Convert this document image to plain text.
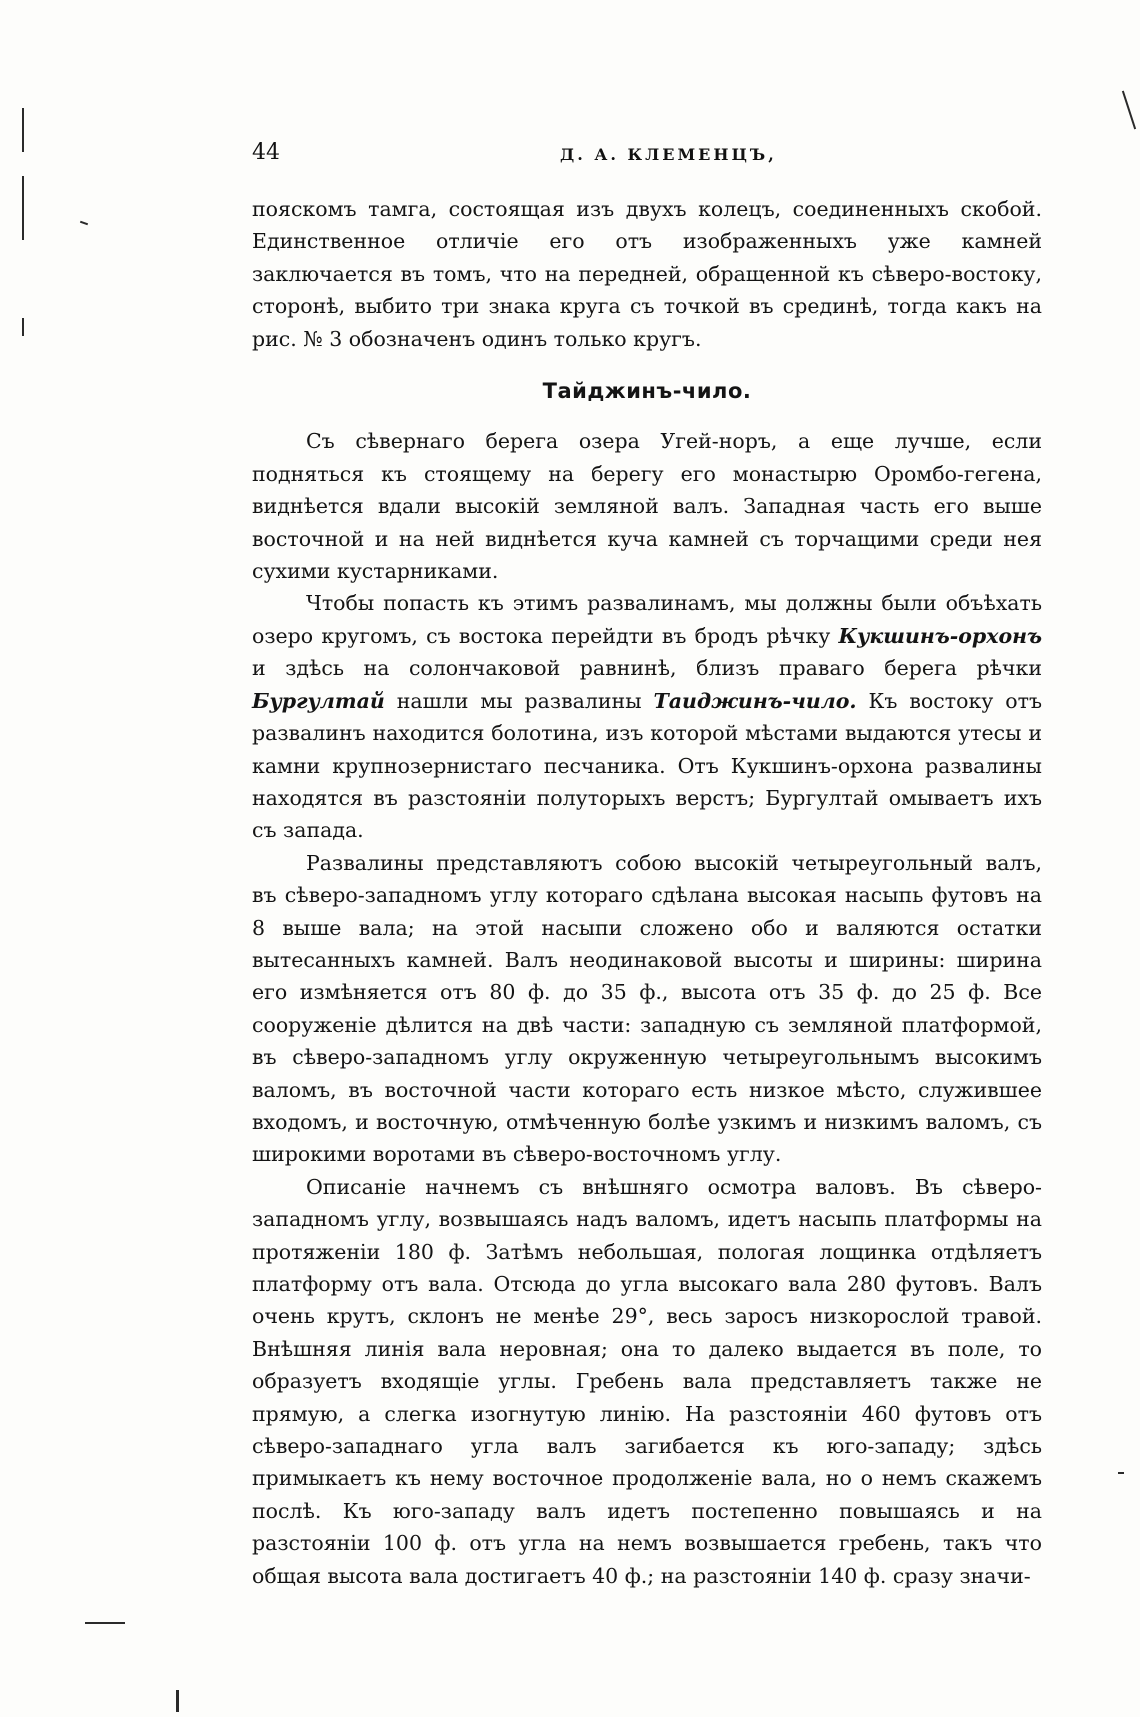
44	Д. А. КЛЕМЕНЦЪ,

пояскомъ тамга, состоящая изъ двухъ колецъ, соединенныхъ скобой. Единственное отличіе его отъ изображенныхъ уже камней заключается въ томъ, что на передней, обращенной къ сѣверо-востоку, сторонѣ, выбито три знака круга съ точкой въ срединѣ, тогда какъ на рис. № 3 обозначенъ одинъ только кругъ.

Тайджинъ-чило.

Съ сѣвернаго берега озера Угей-норъ, а еще лучше, если подняться къ стоящему на берегу его монастырю Оромбо-гегена, виднѣется вдали высокій земляной валъ. Западная часть его выше восточной и на ней виднѣется куча камней съ торчащими среди нея сухими кустарниками.

Чтобы попасть къ этимъ развалинамъ, мы должны были объѣхать озеро кругомъ, съ востока перейдти въ бродъ рѣчку Кукшинъ-орхонъ и здѣсь на солончаковой равнинѣ, близъ праваго берега рѣчки Бургултай нашли мы развалины Таиджинъ-чило. Къ востоку отъ развалинъ находится болотина, изъ которой мѣстами выдаются утесы и камни крупнозернистаго песчаника. Отъ Кукшинъ-орхона развалины находятся въ разстояніи полуторыхъ верстъ; Бургултай омываетъ ихъ съ запада.

Развалины представляютъ собою высокій четыреугольный валъ, въ сѣверо-западномъ углу котораго сдѣлана высокая насыпь футовъ на 8 выше вала; на этой насыпи сложено обо и валяются остатки вытесанныхъ камней. Валъ неодинаковой высоты и ширины: ширина его измѣняется отъ 80 ф. до 35 ф., высота отъ 35 ф. до 25 ф. Все сооруженіе дѣлится на двѣ части: западную съ земляной платформой, въ сѣверо-западномъ углу окруженную четыреугольнымъ высокимъ валомъ, въ восточной части котораго есть низкое мѣсто, служившее входомъ, и восточную, отмѣченную болѣе узкимъ и низкимъ валомъ, съ широкими воротами въ сѣверо-восточномъ углу.

Описаніе начнемъ съ внѣшняго осмотра валовъ. Въ сѣверо-западномъ углу, возвышаясь надъ валомъ, идетъ насыпь платформы на протяженіи 180 ф. Затѣмъ небольшая, пологая лощинка отдѣляетъ платформу отъ вала. Отсюда до угла высокаго вала 280 футовъ. Валъ очень крутъ, склонъ не менѣе 29°, весь заросъ низкорослой травой. Внѣшняя линія вала неровная; она то далеко выдается въ поле, то образуетъ входящіе углы. Гребень вала представляетъ также не прямую, а слегка изогнутую линію. На разстояніи 460 футовъ отъ сѣверо-западнаго угла валъ загибается къ юго-западу; здѣсь примыкаетъ къ нему восточное продолженіе вала, но о немъ скажемъ послѣ. Къ юго-западу валъ идетъ постепенно повышаясь и на разстояніи 100 ф. отъ угла на немъ возвышается гребень, такъ что общая высота вала достигаетъ 40 ф.; на разстояніи 140 ф. сразу значи-
